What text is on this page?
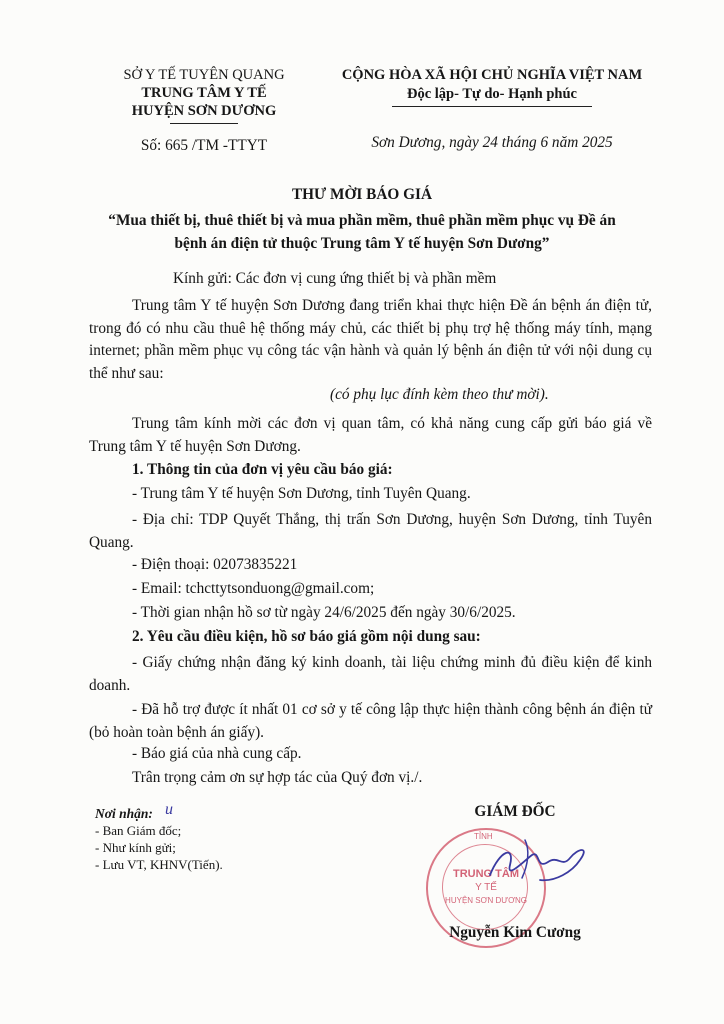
SỞ Y TẾ TUYÊN QUANG
TRUNG TÂM Y TẾ
HUYỆN SƠN DƯƠNG
Số: 665 /TM -TTYT
CỘNG HÒA XÃ HỘI CHỦ NGHĨA VIỆT NAM
Độc lập- Tự do- Hạnh phúc
Sơn Dương, ngày 24 tháng 6 năm 2025
THƯ MỜI BÁO GIÁ
“Mua thiết bị, thuê thiết bị và mua phần mềm, thuê phần mềm phục vụ Đề án
bệnh án điện tử thuộc Trung tâm Y tế huyện Sơn Dương”
Kính gửi: Các đơn vị cung ứng thiết bị và phần mềm
Trung tâm Y tế huyện Sơn Dương đang triển khai thực hiện Đề án bệnh án điện tử, trong đó có nhu cầu thuê hệ thống máy chủ, các thiết bị phụ trợ hệ thống máy tính, mạng internet; phần mềm phục vụ công tác vận hành và quản lý bệnh án điện tử với nội dung cụ thể như sau:
(có phụ lục đính kèm theo thư mời).
Trung tâm kính mời các đơn vị quan tâm, có khả năng cung cấp gửi báo giá về Trung tâm Y tế huyện Sơn Dương.
1. Thông tin của đơn vị yêu cầu báo giá:
- Trung tâm Y tế huyện Sơn Dương, tỉnh Tuyên Quang.
- Địa chỉ: TDP Quyết Thắng, thị trấn Sơn Dương, huyện Sơn Dương, tỉnh Tuyên Quang.
- Điện thoại: 02073835221
- Email: tchcttytsonduong@gmail.com;
- Thời gian nhận hồ sơ từ ngày 24/6/2025 đến ngày 30/6/2025.
2. Yêu cầu điều kiện, hồ sơ báo giá gồm nội dung sau:
- Giấy chứng nhận đăng ký kinh doanh, tài liệu chứng minh đủ điều kiện để kinh doanh.
- Đã hỗ trợ được ít nhất 01 cơ sở y tế công lập thực hiện thành công bệnh án điện tử (bỏ hoàn toàn bệnh án giấy).
- Báo giá của nhà cung cấp.
Trân trọng cảm ơn sự hợp tác của Quý đơn vị./.
Nơi nhận: u
- Ban Giám đốc;
- Như kính gửi;
- Lưu VT, KHNV(Tiến).
GIÁM ĐỐC
TỈNH
TRUNG TÂM
Y TẾ
HUYỆN SƠN DƯƠNG
Nguyễn Kim Cương
